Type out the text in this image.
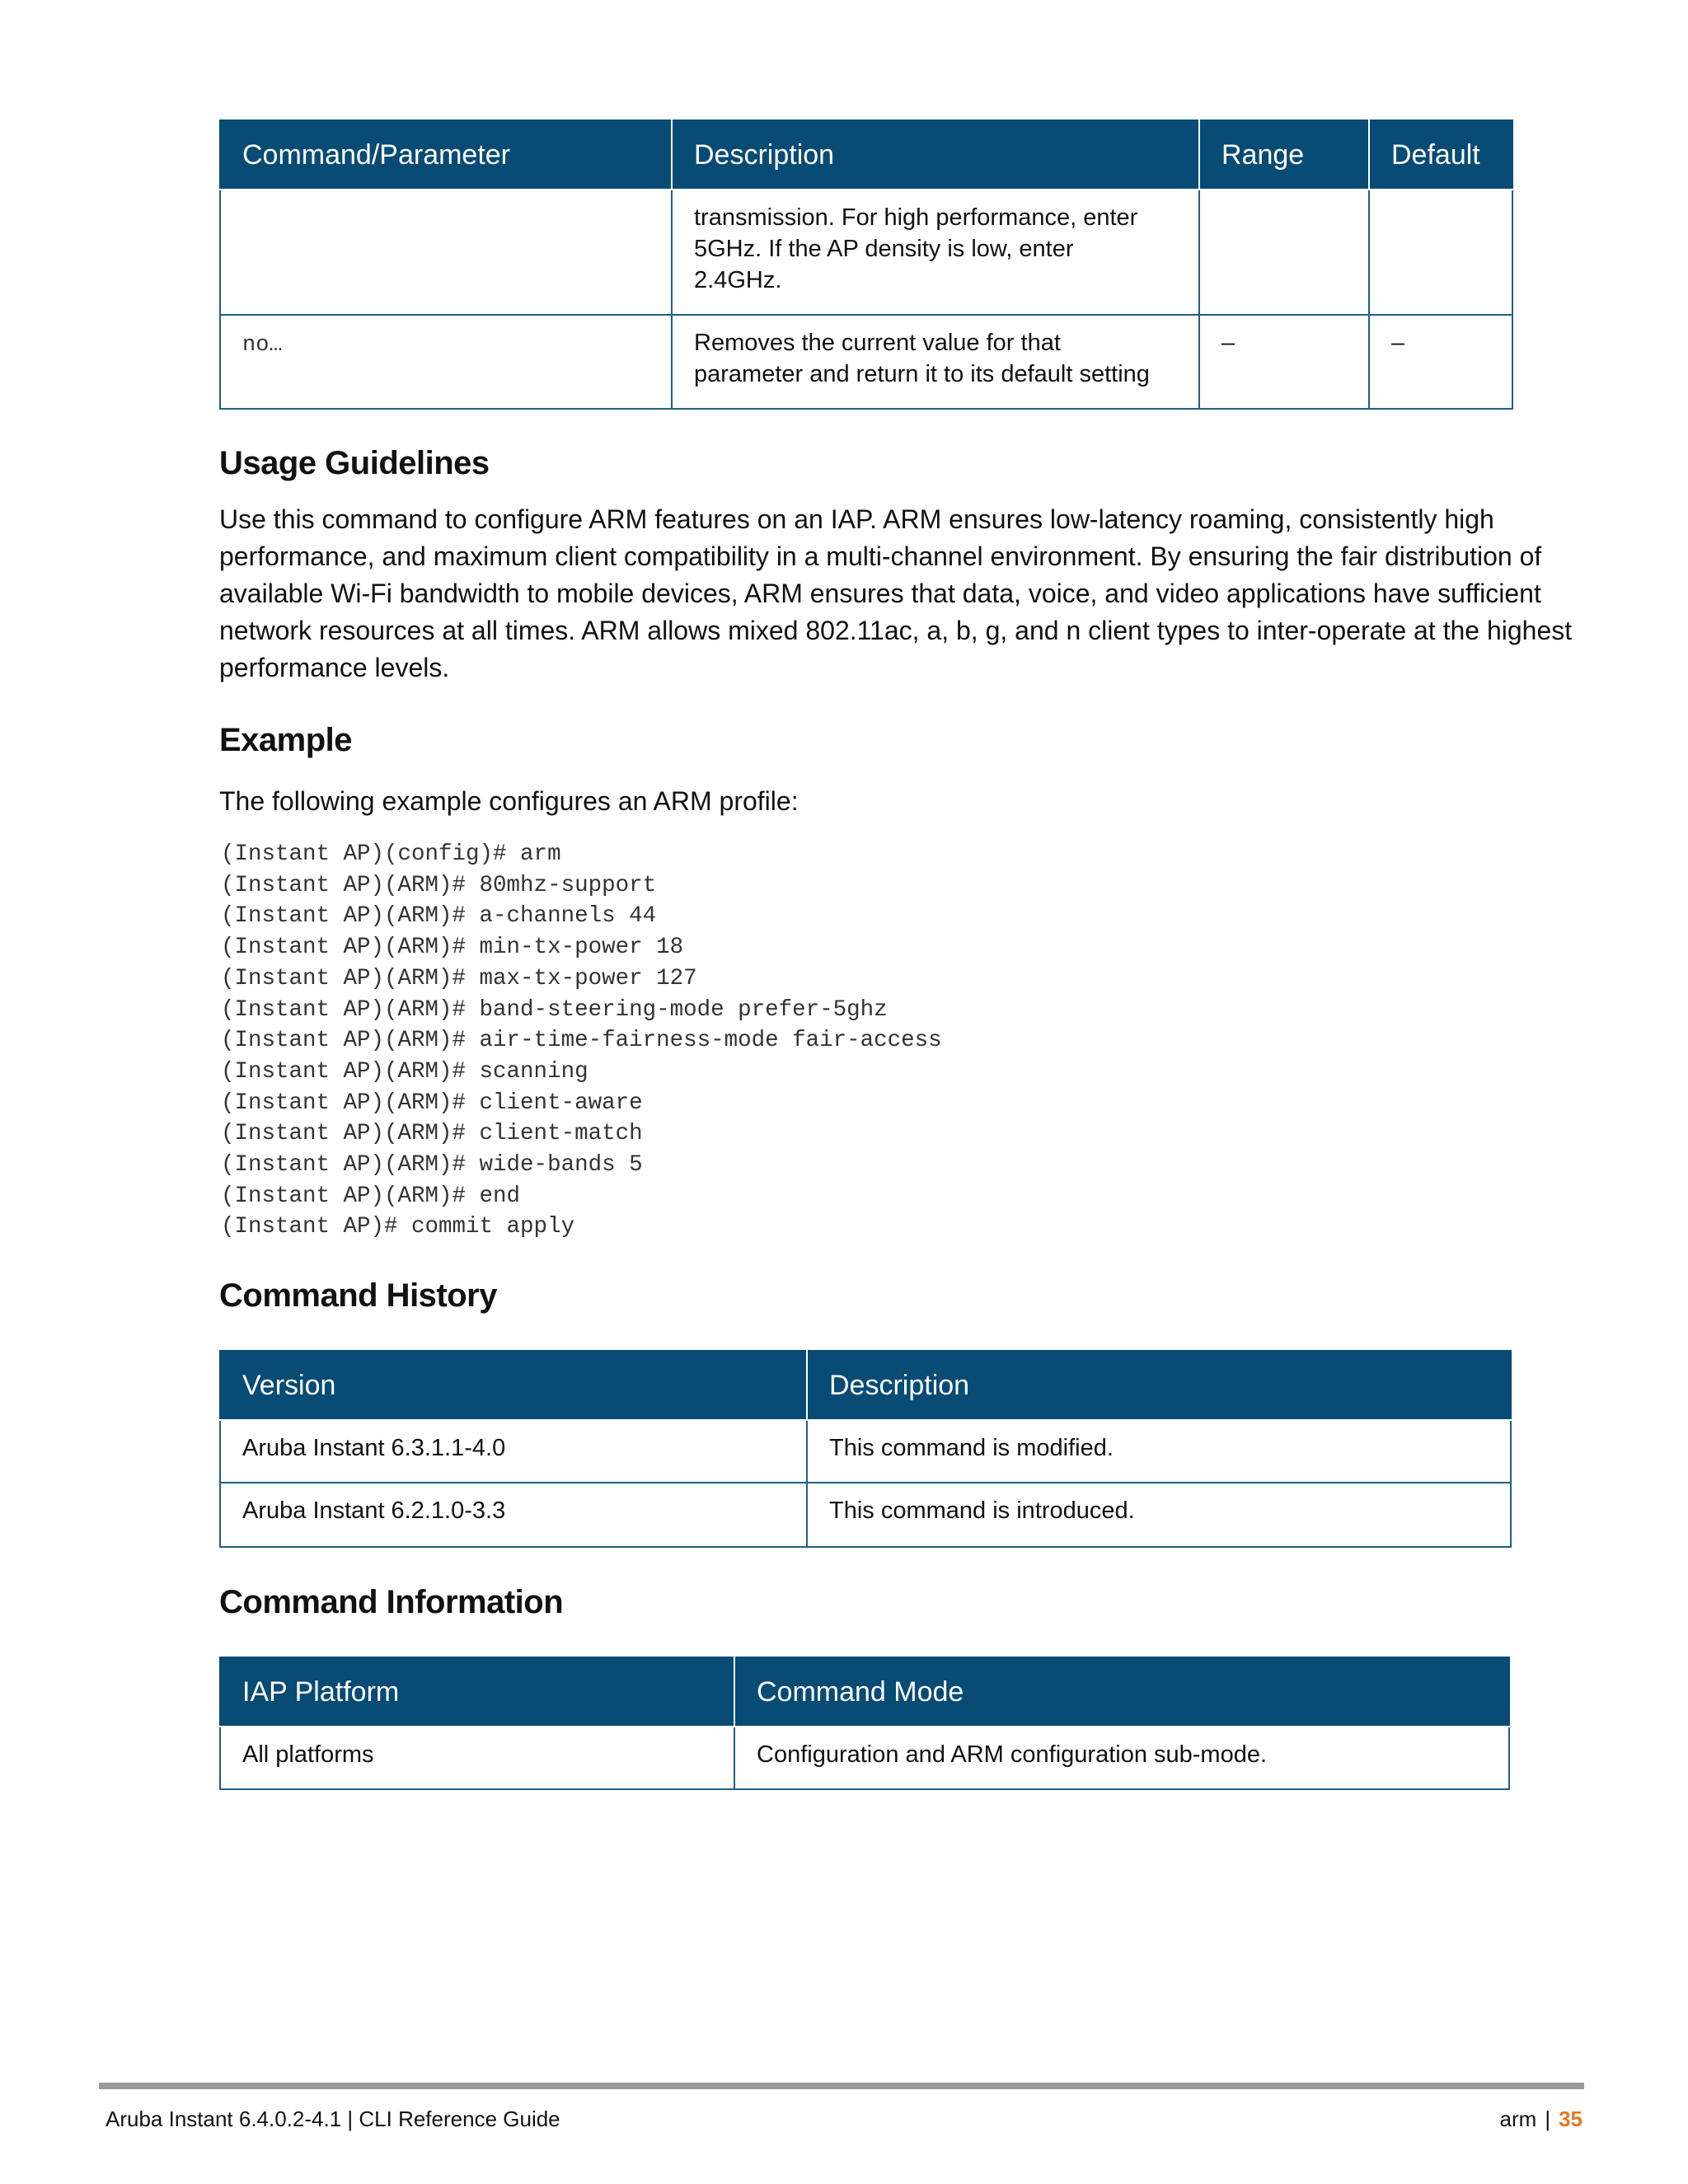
Command/Parameter	Description	Range	Default

	transmission. For high performance, enter
5GHz. If the AP density is low, enter
2.4GHz.		

no…	Removes the current value for that
parameter and return it to its default setting	–	–
Usage Guidelines

Use this command to configure ARM features on an IAP. ARM ensures low-latency roaming, consistently high
performance, and maximum client compatibility in a multi-channel environment. By ensuring the fair distribution of
available Wi-Fi bandwidth to mobile devices, ARM ensures that data, voice, and video applications have sufficient
network resources at all times. ARM allows mixed 802.11ac, a, b, g, and n client types to inter-operate at the highest
performance levels.

Example

The following example configures an ARM profile:

(Instant AP)(config)# arm
(Instant AP)(ARM)# 80mhz-support
(Instant AP)(ARM)# a-channels 44
(Instant AP)(ARM)# min-tx-power 18
(Instant AP)(ARM)# max-tx-power 127
(Instant AP)(ARM)# band-steering-mode prefer-5ghz
(Instant AP)(ARM)# air-time-fairness-mode fair-access
(Instant AP)(ARM)# scanning
(Instant AP)(ARM)# client-aware
(Instant AP)(ARM)# client-match
(Instant AP)(ARM)# wide-bands 5
(Instant AP)(ARM)# end
(Instant AP)# commit apply
Command History
Version	Description
Aruba Instant 6.3.1.1-4.0	This command is modified.
Aruba Instant 6.2.1.0-3.3	This command is introduced.
Command Information
IAP Platform	Command Mode
All platforms	Configuration and ARM configuration sub-mode.
Aruba Instant 6.4.0.2-4.1 | CLI Reference Guide	arm | 35
